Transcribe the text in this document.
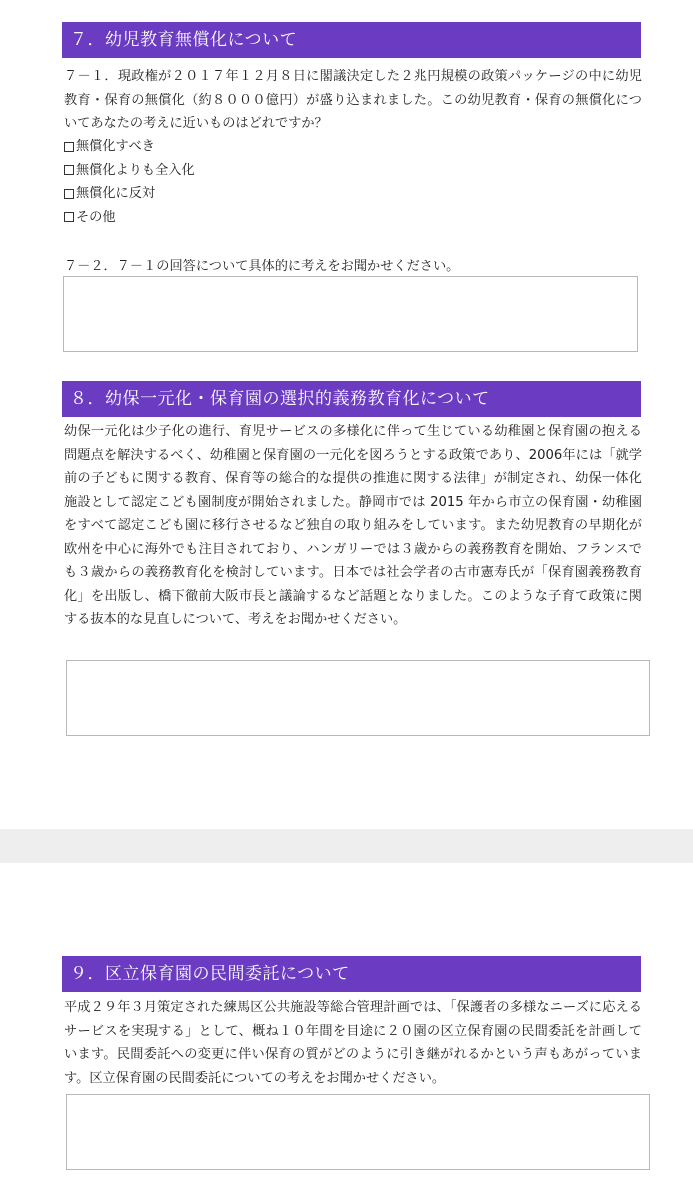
７．幼児教育無償化について
７－１．現政権が２０１７年１２月８日に閣議決定した２兆円規模の政策パッケージの中に幼児教育・保育の無償化（約８０００億円）が盛り込まれました。この幼児教育・保育の無償化についてあなたの考えに近いものはどれですか？
無償化すべき
無償化よりも全入化
無償化に反対
その他
７－２．７－１の回答について具体的に考えをお聞かせください。
８．幼保一元化・保育園の選択的義務教育化について
幼保一元化は少子化の進行、育児サービスの多様化に伴って生じている幼稚園と保育園の抱える問題点を解決するべく、幼稚園と保育園の一元化を図ろうとする政策であり、2006年には「就学前の子どもに関する教育、保育等の総合的な提供の推進に関する法律」が制定され、幼保一体化施設として認定こども園制度が開始されました。静岡市では 2015 年から市立の保育園・幼稚園をすべて認定こども園に移行させるなど独自の取り組みをしています。また幼児教育の早期化が欧州を中心に海外でも注目されており、ハンガリーでは３歳からの義務教育を開始、フランスでも３歳からの義務教育化を検討しています。日本では社会学者の古市憲寿氏が「保育園義務教育化」を出版し、橋下徹前大阪市長と議論するなど話題となりました。このような子育て政策に関する抜本的な見直しについて、考えをお聞かせください。
９．区立保育園の民間委託について
平成２９年３月策定された練馬区公共施設等総合管理計画では、「保護者の多様なニーズに応えるサービスを実現する」として、概ね１０年間を目途に２０園の区立保育園の民間委託を計画しています。民間委託への変更に伴い保育の質がどのように引き継がれるかという声もあがっています。区立保育園の民間委託についての考えをお聞かせください。
